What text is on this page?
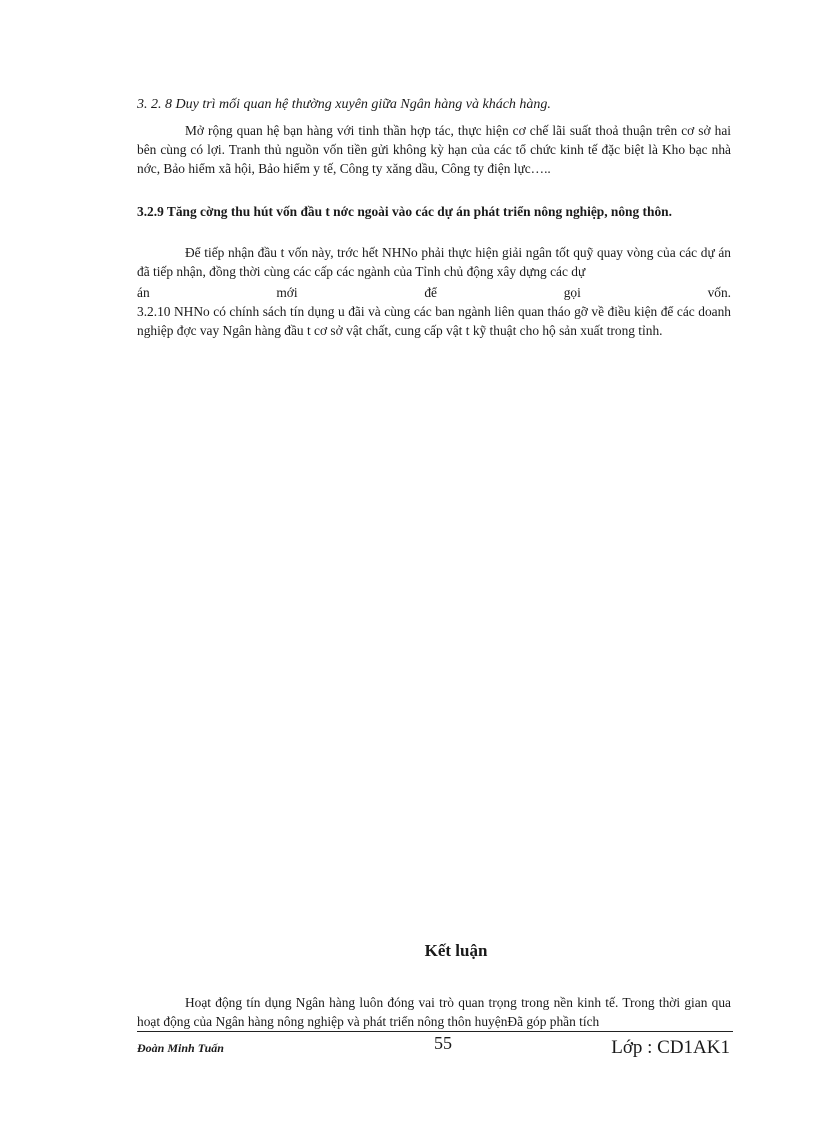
3. 2. 8 Duy trì mối quan hệ thường xuyên giữa Ngân hàng và khách hàng.

Mở rộng quan hệ bạn hàng với tinh thần hợp tác, thực hiện cơ chế lãi suất thoả thuận trên cơ sở hai bên cùng có lợi. Tranh thủ nguồn vốn tiền gửi không kỳ hạn của các tổ chức kinh tế đặc biệt là Kho bạc nhà nớc, Bảo hiểm xã hội, Bảo hiểm y tế, Công ty xăng dầu, Công ty điện lực…..

3.2.9 Tăng cờng thu hút vốn đầu t nớc ngoài vào các dự án phát triển nông nghiệp, nông thôn.

Để tiếp nhận đầu t vốn này, trớc hết NHNo phải thực hiện giải ngân tốt quỹ quay vòng của các dự án đã tiếp nhận, đồng thời cùng các cấp các ngành của Tỉnh chủ động xây dựng các dự

án	mới	để	gọi	vốn.

3.2.10 NHNo có chính sách tín dụng u đãi và cùng các ban ngành liên quan tháo gỡ về điều kiện để các doanh nghiệp đợc vay Ngân hàng đầu t cơ sở vật chất, cung cấp vật t kỹ thuật cho hộ sản xuất trong tỉnh.

Kết luận

Hoạt động tín dụng Ngân hàng luôn đóng vai trò quan trọng trong nền kinh tế. Trong thời gian qua hoạt động của Ngân hàng nông nghiệp và phát triển nông thôn huyệnĐã góp phần tích

Đoàn Minh Tuấn	55	Lớp : CD1AK1
